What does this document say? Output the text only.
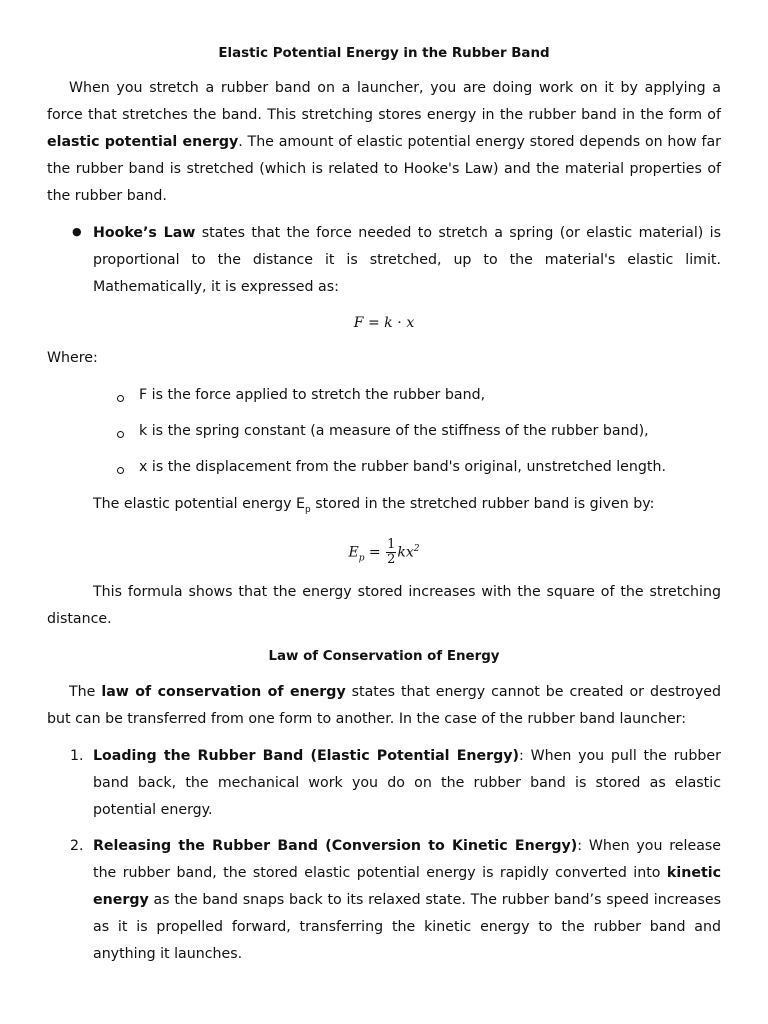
Elastic Potential Energy in the Rubber Band

When you stretch a rubber band on a launcher, you are doing work on it by applying a force that stretches the band. This stretching stores energy in the rubber band in the form of elastic potential energy. The amount of elastic potential energy stored depends on how far the rubber band is stretched (which is related to Hooke's Law) and the material properties of the rubber band.

● Hooke’s Law states that the force needed to stretch a spring (or elastic material) is proportional to the distance it is stretched, up to the material's elastic limit. Mathematically, it is expressed as:

F = k ⋅ x
Where:
F is the force applied to stretch the rubber band,
k is the spring constant (a measure of the stiffness of the rubber band),
x is the displacement from the rubber band's original, unstretched length.
The elastic potential energy $E_p$ stored in the stretched rubber band is given by:
$E_p = \frac{1}{2} kx^2$

This formula shows that the energy stored increases with the square of the stretching distance.

Law of Conservation of Energy

The law of conservation of energy states that energy cannot be created or destroyed but can be transferred from one form to another. In the case of the rubber band launcher:

1. Loading the Rubber Band (Elastic Potential Energy): When you pull the rubber band back, the mechanical work you do on the rubber band is stored as elastic potential energy.

2. Releasing the Rubber Band (Conversion to Kinetic Energy): When you release the rubber band, the stored elastic potential energy is rapidly converted into kinetic energy as the band snaps back to its relaxed state. The rubber band’s speed increases as it is propelled forward, transferring the kinetic energy to the rubber band and anything it launches.
